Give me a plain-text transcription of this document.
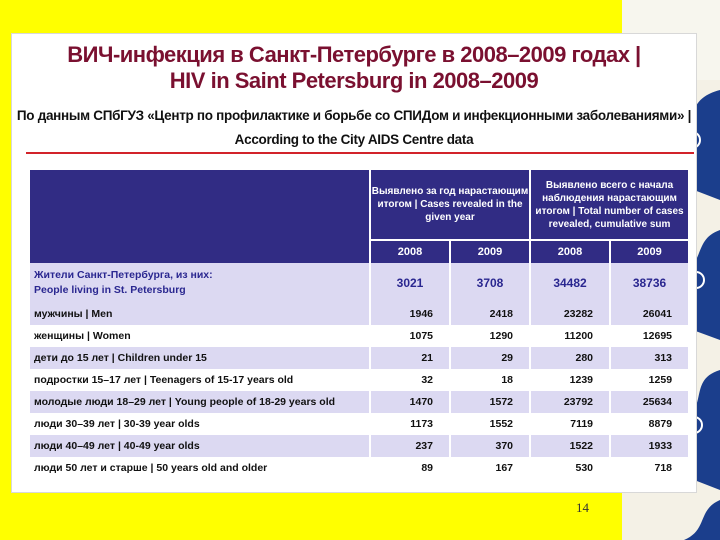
ВИЧ-инфекция в Санкт-Петербурге в 2008–2009 годах |
HIV in Saint Petersburg in 2008–2009
По данным СПбГУЗ «Центр по профилактике и борьбе со СПИДом и инфекционными заболеваниями» |
According to the City AIDS Centre data
	Выявлено за год нарастающим итогом | Cases revealed in the given year		Выявлено всего с начала наблюдения нарастающим итогом | Total number of cases revealed, cumulative sum	
	2008	2009	2008	2009
Жители Санкт-Петербурга, из них:
People living in St. Petersburg	3021	3708	34482	38736
мужчины | Men	1946	2418	23282	26041
женщины | Women	1075	1290	11200	12695
дети до 15 лет | Children under 15	21	29	280	313
подростки 15–17 лет | Teenagers of 15-17 years old	32	18	1239	1259
молодые люди 18–29 лет | Young people of 18-29 years old	1470	1572	23792	25634
люди 30–39 лет | 30-39 year olds	1173	1552	7119	8879
люди 40–49 лет | 40-49 year olds	237	370	1522	1933
люди 50 лет и старше | 50 years old and older	89	167	530	718
14
